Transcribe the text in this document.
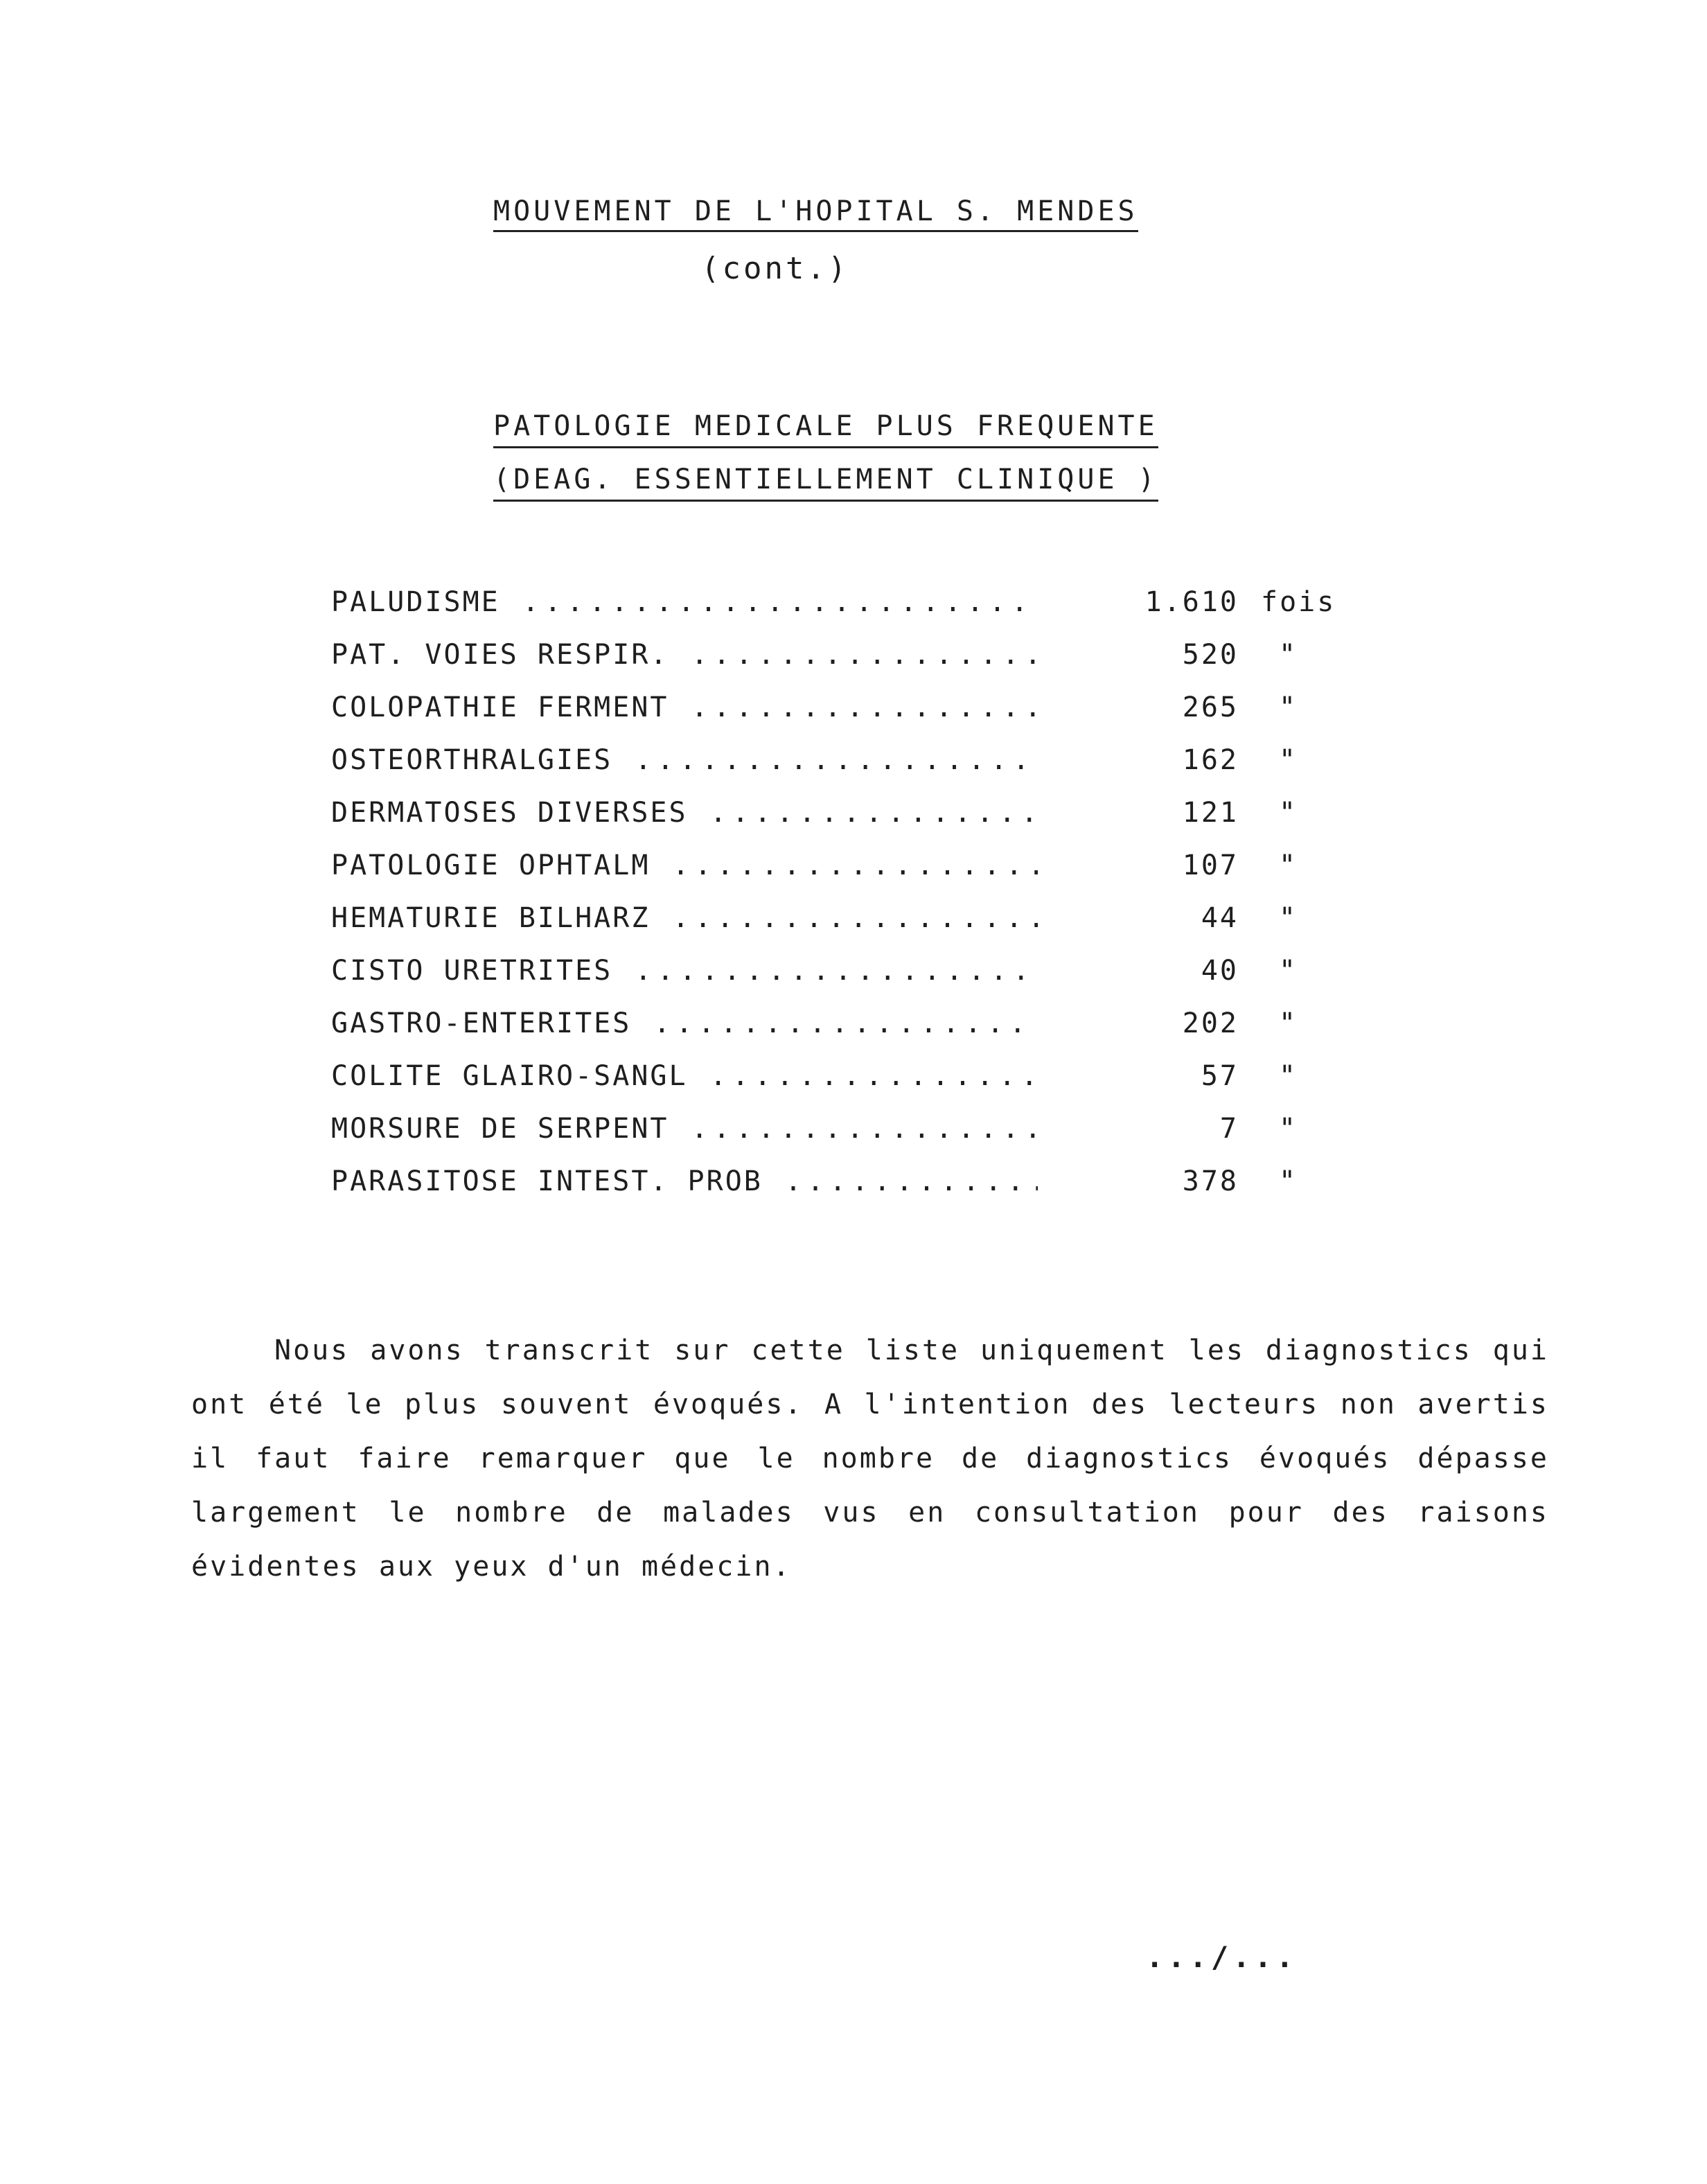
MOUVEMENT DE L'HOPITAL S. MENDES
(cont.)
PATOLOGIE MEDICALE PLUS FREQUENTE
(DEAG. ESSENTIELLEMENT CLINIQUE )
PALUDISME .....	1.610 fois
PAT. VOIES RESPIR. .....	520 "
COLOPATHIE FERMENT .....	265 "
OSTEORTHRALGIES .....	162 "
DERMATOSES DIVERSES .....	121 "
PATOLOGIE OPHTALM .....	107 "
HEMATURIE BILHARZ .....	44 "
CISTO URETRITES .....	40 "
GASTRO-ENTERITES .....	202 "
COLITE GLAIRO-SANGL .....	57 "
MORSURE DE SERPENT .....	7 "
PARASITOSE INTEST. PROB .....	378 "

Nous avons transcrit sur cette liste uniquement les diagnostics qui ont été le plus souvent évoqués. A l'intention des lecteurs non avertis il faut faire remarquer que le nombre de diagnostics évoqués dépasse largement le nombre de malades vus en consultation pour des raisons évidentes aux yeux d'un médecin.

.../...
